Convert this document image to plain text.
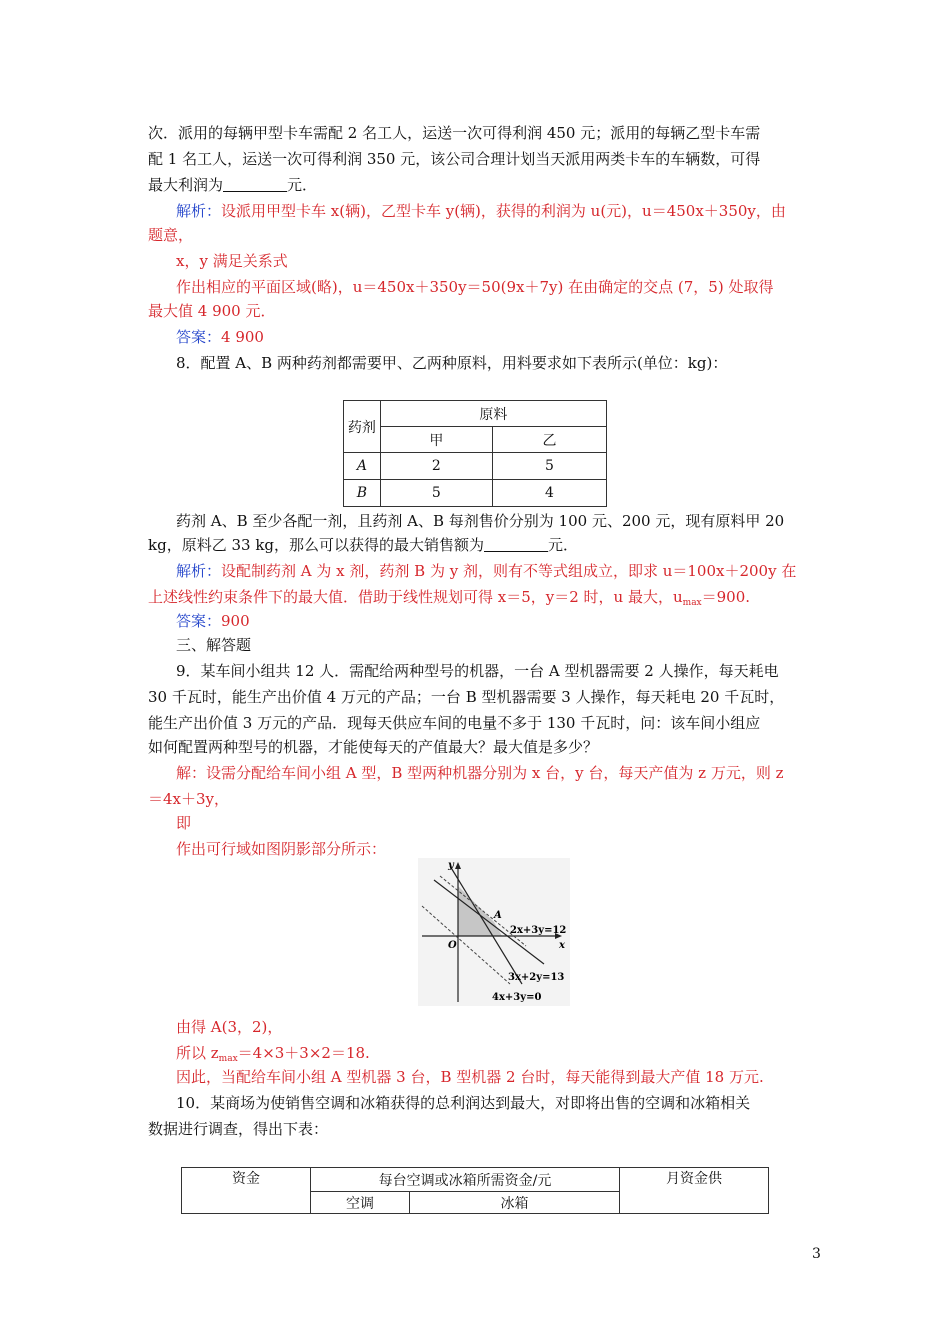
次．派用的每辆甲型卡车需配 2 名工人，运送一次可得利润 450 元；派用的每辆乙型卡车需
配 1 名工人，运送一次可得利润 350 元，该公司合理计划当天派用两类卡车的车辆数，可得
最大利润为	元．
解析：设派用甲型卡车 x(辆)，乙型卡车 y(辆)，获得的利润为 u(元)，u＝450x＋350y，由
题意，
x，y 满足关系式
作出相应的平面区域(略)，u＝450x＋350y＝50(9x＋7y) 在由确定的交点 (7，5) 处取得
最大值 4 900 元．
答案：4 900
8．配置 A、B 两种药剂都需要甲、乙两种原料，用料要求如下表所示(单位：kg)：
药剂	原料	
	甲	乙
A	2	5
B	5	4
药剂 A、B 至少各配一剂，且药剂 A、B 每剂售价分别为 100 元、200 元，现有原料甲 20
kg，原料乙 33 kg，那么可以获得的最大销售额为	元．
解析：设配制药剂 A 为 x 剂，药剂 B 为 y 剂，则有不等式组成立，即求 u＝100x＋200y 在
上述线性约束条件下的最大值．借助于线性规划可得 x＝5，y＝2 时，u 最大，$u_{max}=900$.
答案：900
三、解答题
9．某车间小组共 12 人．需配给两种型号的机器，一台 A 型机器需要 2 人操作，每天耗电
30 千瓦时，能生产出价值 4 万元的产品；一台 B 型机器需要 3 人操作，每天耗电 20 千瓦时，
能生产出价值 3 万元的产品．现每天供应车间的电量不多于 130 千瓦时，问：该车间小组应
如何配置两种型号的机器，才能使每天的产值最大？最大值是多少？
解：设需分配给车间小组 A 型，B 型两种机器分别为 x 台，y 台，每天产值为 z 万元，则 z
＝4x＋3y，
即
作出可行域如图阴影部分所示：
y
x
O
A
2x+3y=12
3x+2y=13
4x+3y=0
由得 A(3，2)，
所以 $z_{max}=4\times 3+3\times 2=18$.
因此，当配给车间小组 A 型机器 3 台，B 型机器 2 台时，每天能得到最大产值 18 万元.
10．某商场为使销售空调和冰箱获得的总利润达到最大，对即将出售的空调和冰箱相关
数据进行调查，得出下表：
资金	每台空调或冰箱所需资金/元		月资金供
	空调	冰箱	
3
